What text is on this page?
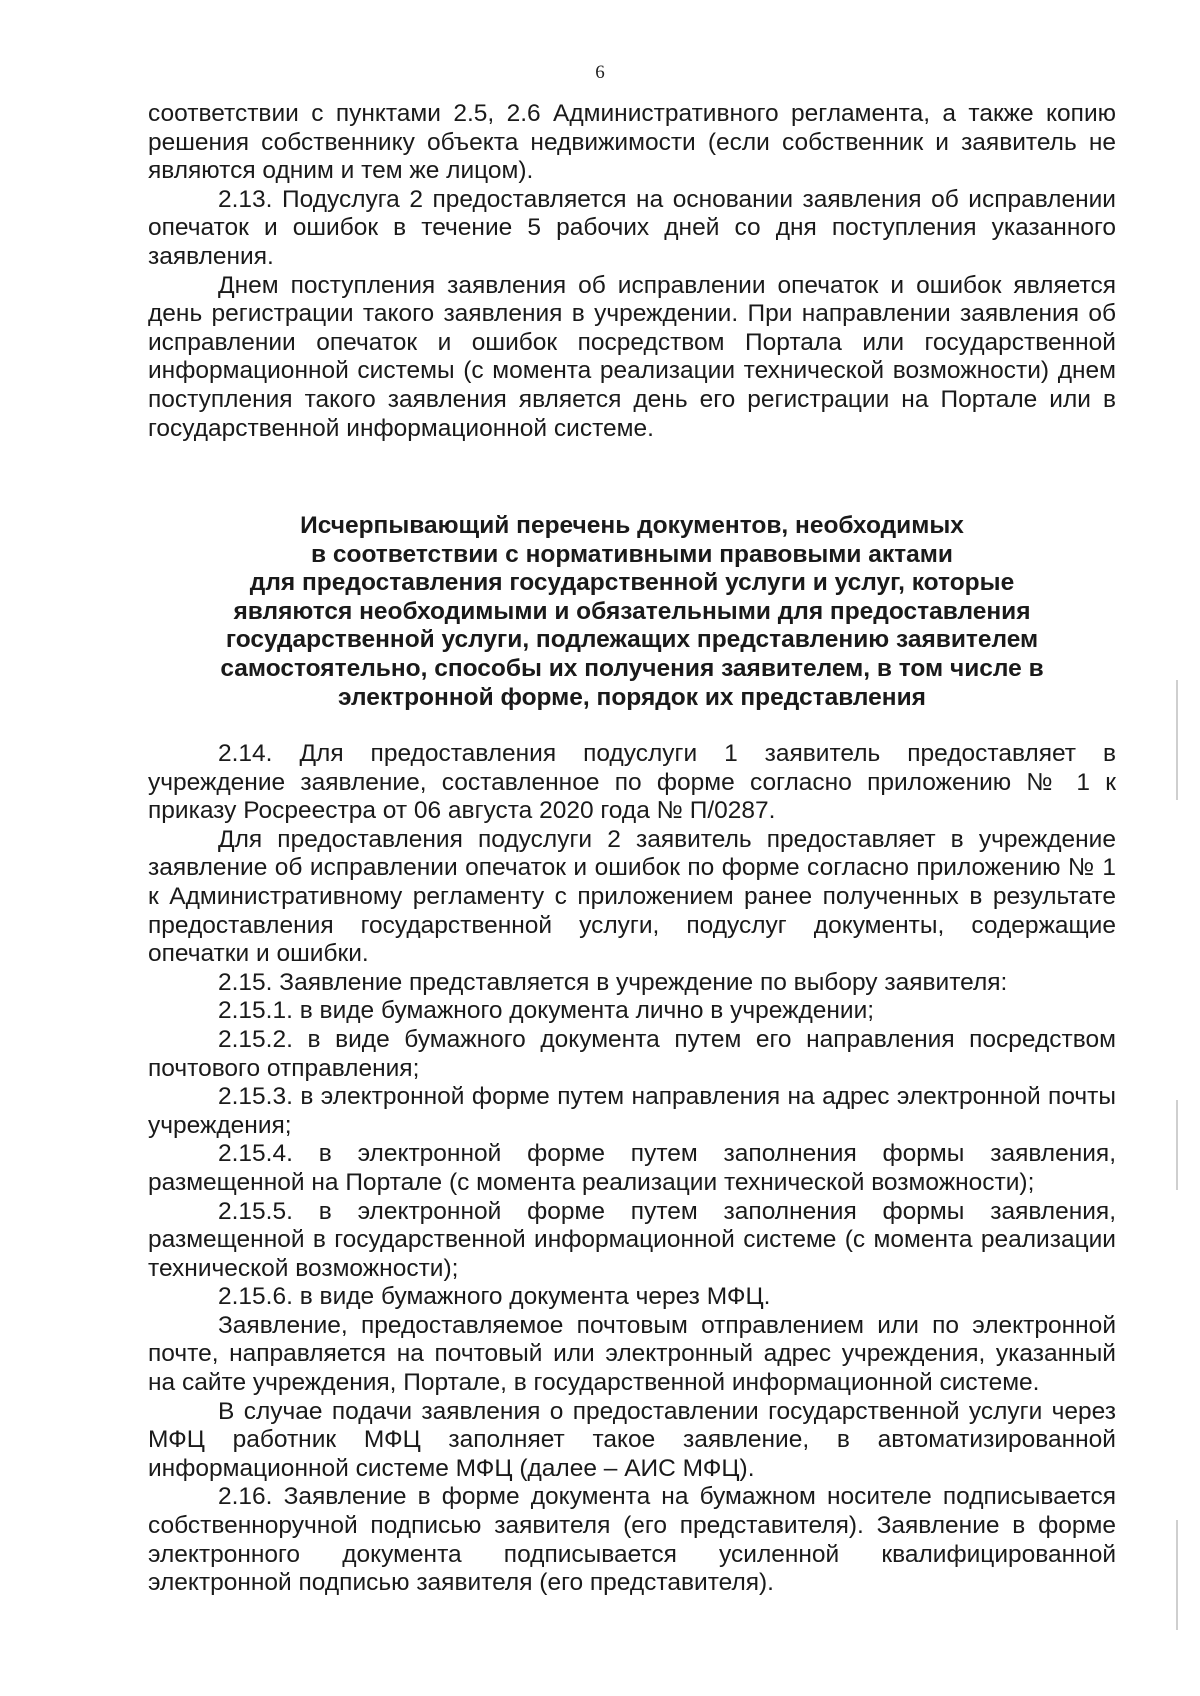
6

соответствии с пунктами 2.5, 2.6 Административного регламента, а также копию решения собственнику объекта недвижимости (если собственник и заявитель не являются одним и тем же лицом).

2.13. Подуслуга 2 предоставляется на основании заявления об исправлении опечаток и ошибок в течение 5 рабочих дней со дня поступления указанного заявления.

Днем поступления заявления об исправлении опечаток и ошибок является день регистрации такого заявления в учреждении. При направлении заявления об исправлении опечаток и ошибок посредством Портала или государственной информационной системы (с момента реализации технической возможности) днем поступления такого заявления является день его регистрации на Портале или в государственной информационной системе.

Исчерпывающий перечень документов, необходимых

в соответствии с нормативными правовыми актами

для предоставления государственной услуги и услуг, которые

являются необходимыми и обязательными для предоставления

государственной услуги, подлежащих представлению заявителем

самостоятельно, способы их получения заявителем, в том числе в

электронной форме, порядок их представления

2.14. Для предоставления подуслуги 1 заявитель предоставляет в учреждение заявление, составленное по форме согласно приложению № 1 к приказу Росреестра от 06 августа 2020 года № П/0287.

Для предоставления подуслуги 2 заявитель предоставляет в учреждение заявление об исправлении опечаток и ошибок по форме согласно приложению № 1 к Административному регламенту с приложением ранее полученных в результате предоставления государственной услуги, подуслуг документы, содержащие опечатки и ошибки.

2.15. Заявление представляется в учреждение по выбору заявителя:

2.15.1. в виде бумажного документа лично в учреждении;

2.15.2. в виде бумажного документа путем его направления посредством почтового отправления;

2.15.3. в электронной форме путем направления на адрес электронной почты учреждения;

2.15.4. в электронной форме путем заполнения формы заявления, размещенной на Портале (с момента реализации технической возможности);

2.15.5. в электронной форме путем заполнения формы заявления, размещенной в государственной информационной системе (с момента реализации технической возможности);

2.15.6. в виде бумажного документа через МФЦ.

Заявление, предоставляемое почтовым отправлением или по электронной почте, направляется на почтовый или электронный адрес учреждения, указанный на сайте учреждения, Портале, в государственной информационной системе.

В случае подачи заявления о предоставлении государственной услуги через МФЦ работник МФЦ заполняет такое заявление, в автоматизированной информационной системе МФЦ (далее – АИС МФЦ).

2.16. Заявление в форме документа на бумажном носителе подписывается собственноручной подписью заявителя (его представителя). Заявление в форме электронного документа подписывается усиленной квалифицированной электронной подписью заявителя (его представителя).
